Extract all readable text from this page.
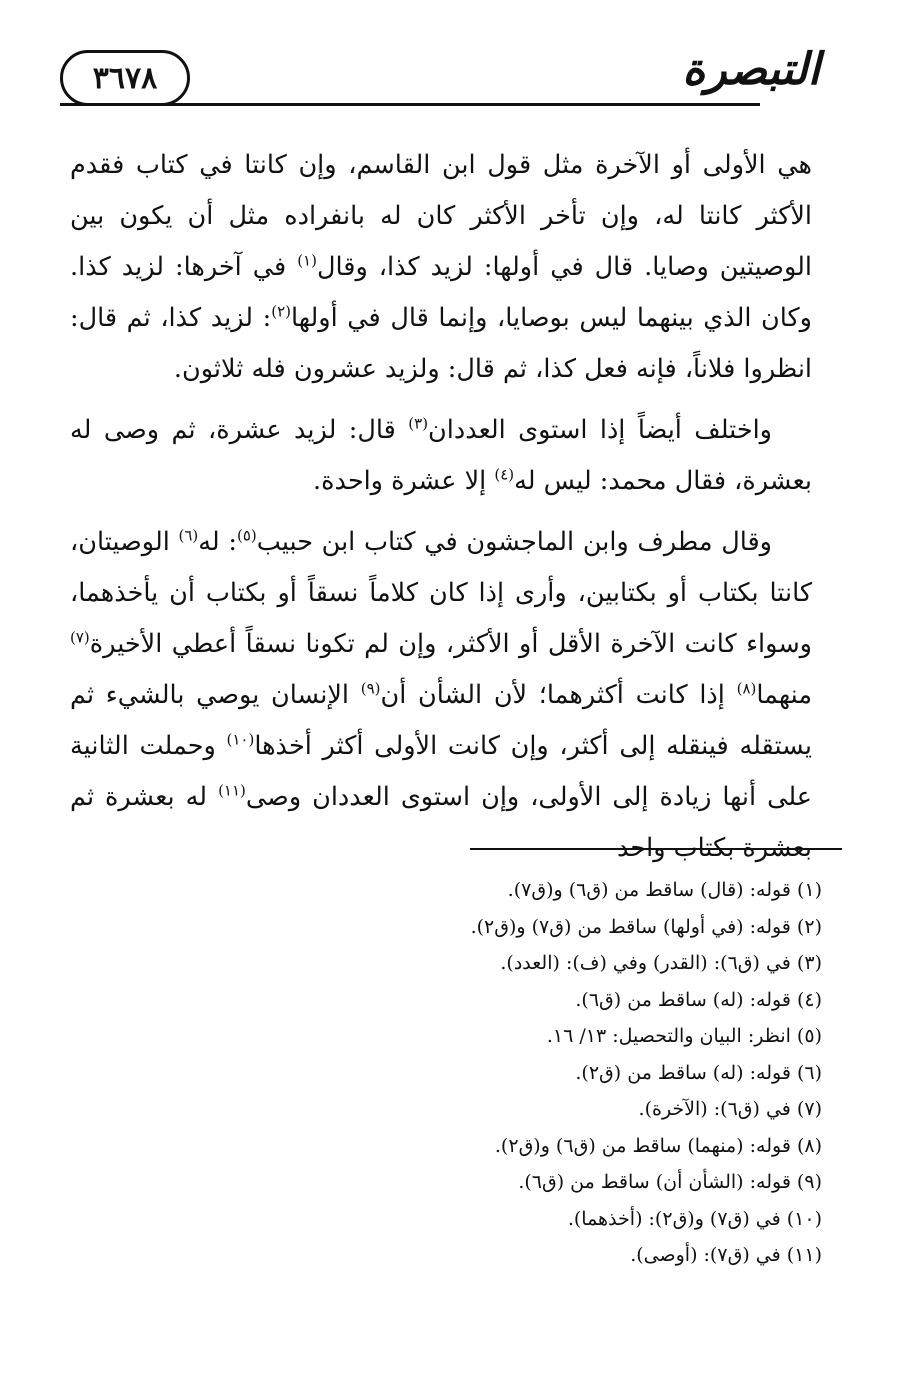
٣٦٧٨	التبصرة

هي الأولى أو الآخرة مثل قول ابن القاسم، وإن كانتا في كتاب فقدم الأكثر كانتا له، وإن تأخر الأكثر كان له بانفراده مثل أن يكون بين الوصيتين وصايا. قال في أولها: لزيد كذا، وقال$^{(١)}$ في آخرها: لزيد كذا. وكان الذي بينهما ليس بوصايا، وإنما قال في أولها$^{(٢)}$: لزيد كذا، ثم قال: انظروا فلاناً، فإنه فعل كذا، ثم قال: ولزيد عشرون فله ثلاثون.

واختلف أيضاً إذا استوى العددان$^{(٣)}$ قال: لزيد عشرة، ثم وصى له بعشرة، فقال محمد: ليس له$^{(٤)}$ إلا عشرة واحدة.

وقال مطرف وابن الماجشون في كتاب ابن حبيب$^{(٥)}$: له$^{(٦)}$ الوصيتان، كانتا بكتاب أو بكتابين، وأرى إذا كان كلاماً نسقاً أو بكتاب أن يأخذهما، وسواء كانت الآخرة الأقل أو الأكثر، وإن لم تكونا نسقاً أعطي الأخيرة$^{(٧)}$ منهما$^{(٨)}$ إذا كانت أكثرهما؛ لأن الشأن أن$^{(٩)}$ الإنسان يوصي بالشيء ثم يستقله فينقله إلى أكثر، وإن كانت الأولى أكثر أخذها$^{(١٠)}$ وحملت الثانية على أنها زيادة إلى الأولى، وإن استوى العددان وصى$^{(١١)}$ له بعشرة ثم بعشرة بكتاب واحد

(١) قوله: (قال) ساقط من (ق٦) و(ق٧).
(٢) قوله: (في أولها) ساقط من (ق٧) و(ق٢).
(٣) في (ق٦): (القدر) وفي (ف): (العدد).
(٤) قوله: (له) ساقط من (ق٦).
(٥) انظر: البيان والتحصيل: ١٣/ ١٦.
(٦) قوله: (له) ساقط من (ق٢).
(٧) في (ق٦): (الآخرة).
(٨) قوله: (منهما) ساقط من (ق٦) و(ق٢).
(٩) قوله: (الشأن أن) ساقط من (ق٦).
(١٠) في (ق٧) و(ق٢): (أخذهما).
(١١) في (ق٧): (أوصى).
